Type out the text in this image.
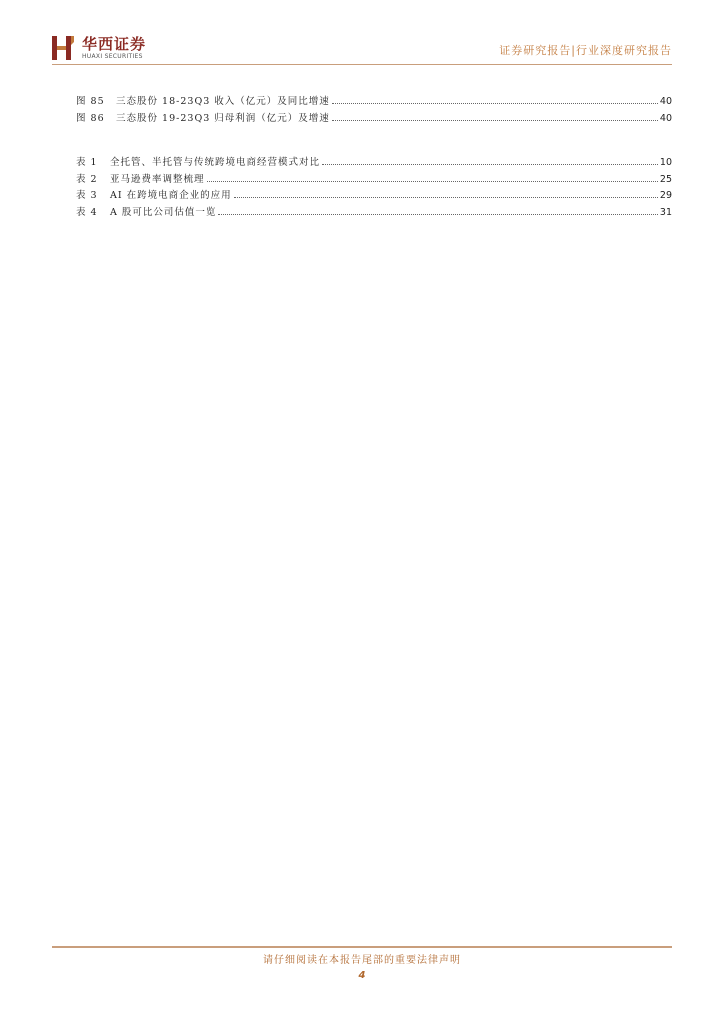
华西证券
HUAXI SECURITIES	证券研究报告|行业深度研究报告
图 85 三态股份 18-23Q3 收入（亿元）及同比增速	40
图 86 三态股份 19-23Q3 归母利润（亿元）及增速	40
表 1 全托管、半托管与传统跨境电商经营模式对比	10
表 2 亚马逊费率调整梳理	25
表 3 AI 在跨境电商企业的应用	29
表 4 A 股可比公司估值一览	31
请仔细阅读在本报告尾部的重要法律声明
4
